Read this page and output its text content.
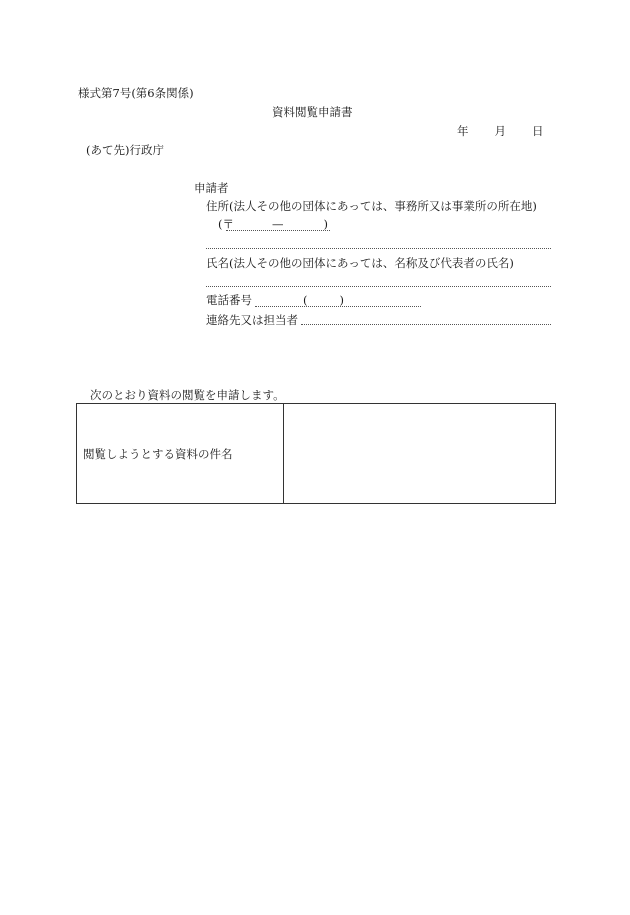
様式第7号(第6条関係)
資料閲覧申請書
年 月 日
(あて先)行政庁
申請者
住所(法人その他の団体にあっては、事務所又は事業所の所在地)
(〒	—	)
氏名(法人その他の団体にあっては、名称及び代表者の氏名)
電話番号	(	)
連絡先又は担当者
次のとおり資料の閲覧を申請します。
閲覧しようとする資料の件名
